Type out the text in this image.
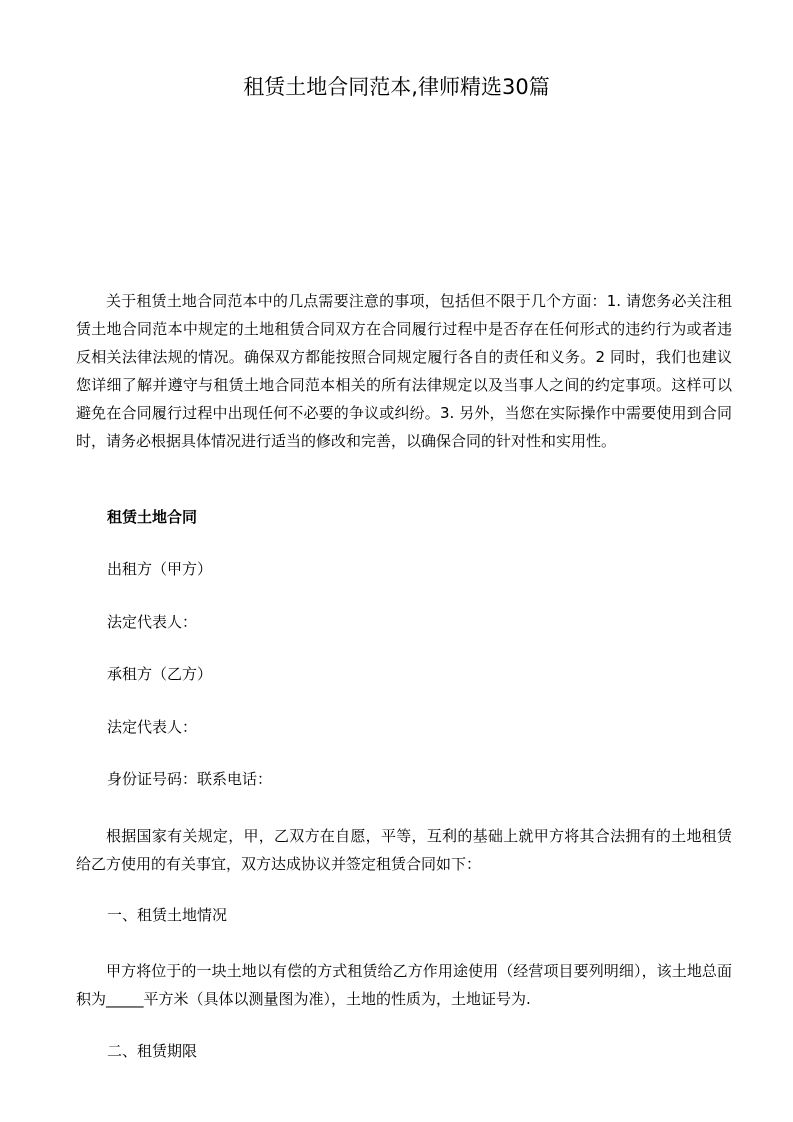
租赁土地合同范本,律师精选30篇

关于租赁土地合同范本中的几点需要注意的事项，包括但不限于几个方面：1. 请您务必关注租赁土地合同范本中规定的土地租赁合同双方在合同履行过程中是否存在任何形式的违约行为或者违反相关法律法规的情况。确保双方都能按照合同规定履行各自的责任和义务。2 同时，我们也建议您详细了解并遵守与租赁土地合同范本相关的所有法律规定以及当事人之间的约定事项。这样可以避免在合同履行过程中出现任何不必要的争议或纠纷。3. 另外，当您在实际操作中需要使用到合同时，请务必根据具体情况进行适当的修改和完善，以确保合同的针对性和实用性。

租赁土地合同

出租方（甲方）

法定代表人：

承租方（乙方）

法定代表人：

身份证号码：联系电话：

根据国家有关规定，甲，乙双方在自愿，平等，互利的基础上就甲方将其合法拥有的土地租赁给乙方使用的有关事宜，双方达成协议并签定租赁合同如下：

一、租赁土地情况

甲方将位于的一块土地以有偿的方式租赁给乙方作用途使用（经营项目要列明细），该土地总面积为_____平方米（具体以测量图为准），土地的性质为，土地证号为.

二、租赁期限
